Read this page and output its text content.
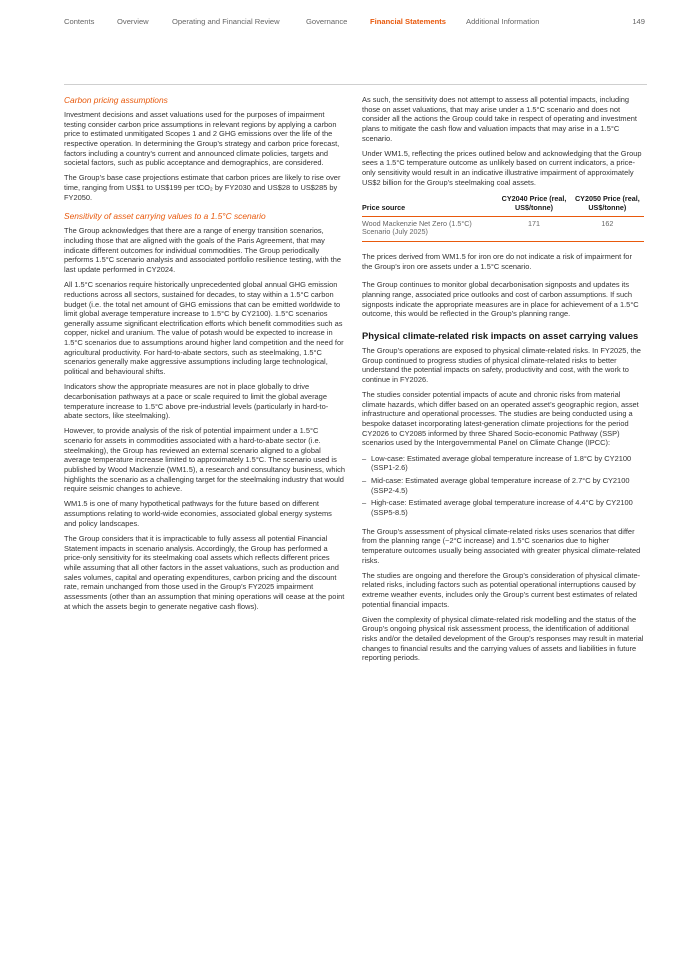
Contents	Overview	Operating and Financial Review	Governance	Financial Statements	Additional Information	149
Carbon pricing assumptions

Investment decisions and asset valuations used for the purposes of impairment testing consider carbon price assumptions in relevant regions by applying a carbon price to estimated unmitigated Scopes 1 and 2 GHG emissions over the life of the respective operation. In determining the Group’s strategy and carbon price forecast, factors including a country’s current and announced climate policies, targets and societal factors, such as public acceptance and demographics, are considered.

The Group’s base case projections estimate that carbon prices are likely to rise over time, ranging from US$1 to US$199 per tCO₂ by FY2030 and US$28 to US$285 by FY2050.

Sensitivity of asset carrying values to a 1.5°C scenario

The Group acknowledges that there are a range of energy transition scenarios, including those that are aligned with the goals of the Paris Agreement, that may indicate different outcomes for individual commodities. The Group periodically performs 1.5°C scenario analysis and associated portfolio resilience testing, with the last update performed in CY2024.

All 1.5°C scenarios require historically unprecedented global annual GHG emission reductions across all sectors, sustained for decades, to stay within a 1.5°C carbon budget (i.e. the total net amount of GHG emissions that can be emitted worldwide to limit global average temperature increase to 1.5°C by CY2100). 1.5°C scenarios generally assume significant electrification efforts which benefit commodities such as copper, nickel and uranium. The value of potash would be expected to increase in 1.5°C scenarios due to assumptions around higher land competition and the need for agricultural productivity. For hard-to-abate sectors, such as steelmaking, 1.5°C scenarios generally make aggressive assumptions including large technological, political and behavioural shifts.

Indicators show the appropriate measures are not in place globally to drive decarbonisation pathways at a pace or scale required to limit the global average temperature increase to 1.5°C above pre-industrial levels (particularly in hard-to-abate sectors, like steelmaking).

However, to provide analysis of the risk of potential impairment under a 1.5°C scenario for assets in commodities associated with a hard-to-abate sector (i.e. steelmaking), the Group has reviewed an external scenario aligned to a global average temperature increase limited to approximately 1.5°C. The scenario used is published by Wood Mackenzie (WM1.5), a research and consultancy business, which highlights the scenario as a challenging target for the steelmaking industry that would require seismic changes to achieve.

WM1.5 is one of many hypothetical pathways for the future based on different assumptions relating to world-wide economies, associated global energy systems and policy landscapes.

The Group considers that it is impracticable to fully assess all potential Financial Statement impacts in scenario analysis. Accordingly, the Group has performed a price-only sensitivity for its steelmaking coal assets which reflects different prices while assuming that all other factors in the asset valuations, such as production and sales volumes, capital and operating expenditures, carbon pricing and the discount rate, remain unchanged from those used in the Group’s FY2025 impairment assessments (other than an assumption that mining operations will cease at the point at which the assets begin to generate negative cash flows).

As such, the sensitivity does not attempt to assess all potential impacts, including those on asset valuations, that may arise under a 1.5°C scenario and does not consider all the actions the Group could take in respect of operating and investment plans to mitigate the cash flow and valuation impacts that may arise in a 1.5°C scenario.

Under WM1.5, reflecting the prices outlined below and acknowledging that the Group sees a 1.5°C temperature outcome as unlikely based on current indicators, a price-only sensitivity would result in an indicative illustrative impairment of approximately US$2 billion for the Group’s steelmaking coal assets.

Price source	CY2040 Price (real, US$/tonne)	CY2050 Price (real, US$/tonne)
Wood Mackenzie Net Zero (1.5°C) Scenario (July 2025)	171	162

The prices derived from WM1.5 for iron ore do not indicate a risk of impairment for the Group’s iron ore assets under a 1.5°C scenario.

The Group continues to monitor global decarbonisation signposts and updates its planning range, associated price outlooks and cost of carbon assumptions. If such signposts indicate the appropriate measures are in place for achievement of a 1.5°C outcome, this would be reflected in the Group’s planning range.

Physical climate-related risk impacts on asset carrying values

The Group’s operations are exposed to physical climate-related risks. In FY2025, the Group continued to progress studies of physical climate-related risks to better understand the potential impacts on safety, productivity and cost, with the work to continue in FY2026.

The studies consider potential impacts of acute and chronic risks from material climate hazards, which differ based on an operated asset’s geographic region, asset infrastructure and operational processes. The studies are being conducted using a bespoke dataset incorporating latest-generation climate projections for the period CY2026 to CY2085 informed by three Shared Socio-economic Pathway (SSP) scenarios used by the Intergovernmental Panel on Climate Change (IPCC):

– Low-case: Estimated average global temperature increase of 1.8°C by CY2100 (SSP1-2.6)
– Mid-case: Estimated average global temperature increase of 2.7°C by CY2100 (SSP2-4.5)
– High-case: Estimated average global temperature increase of 4.4°C by CY2100 (SSP5-8.5)

The Group’s assessment of physical climate-related risks uses scenarios that differ from the planning range (~2°C increase) and 1.5°C scenarios due to higher temperature outcomes usually being associated with greater physical climate-related risks.

The studies are ongoing and therefore the Group’s consideration of physical climate-related risks, including factors such as potential operational interruptions caused by extreme weather events, includes only the Group’s current best estimates of related potential financial impacts.

Given the complexity of physical climate-related risk modelling and the status of the Group’s ongoing physical risk assessment process, the identification of additional risks and/or the detailed development of the Group’s responses may result in material changes to financial results and the carrying values of assets and liabilities in future reporting periods.
